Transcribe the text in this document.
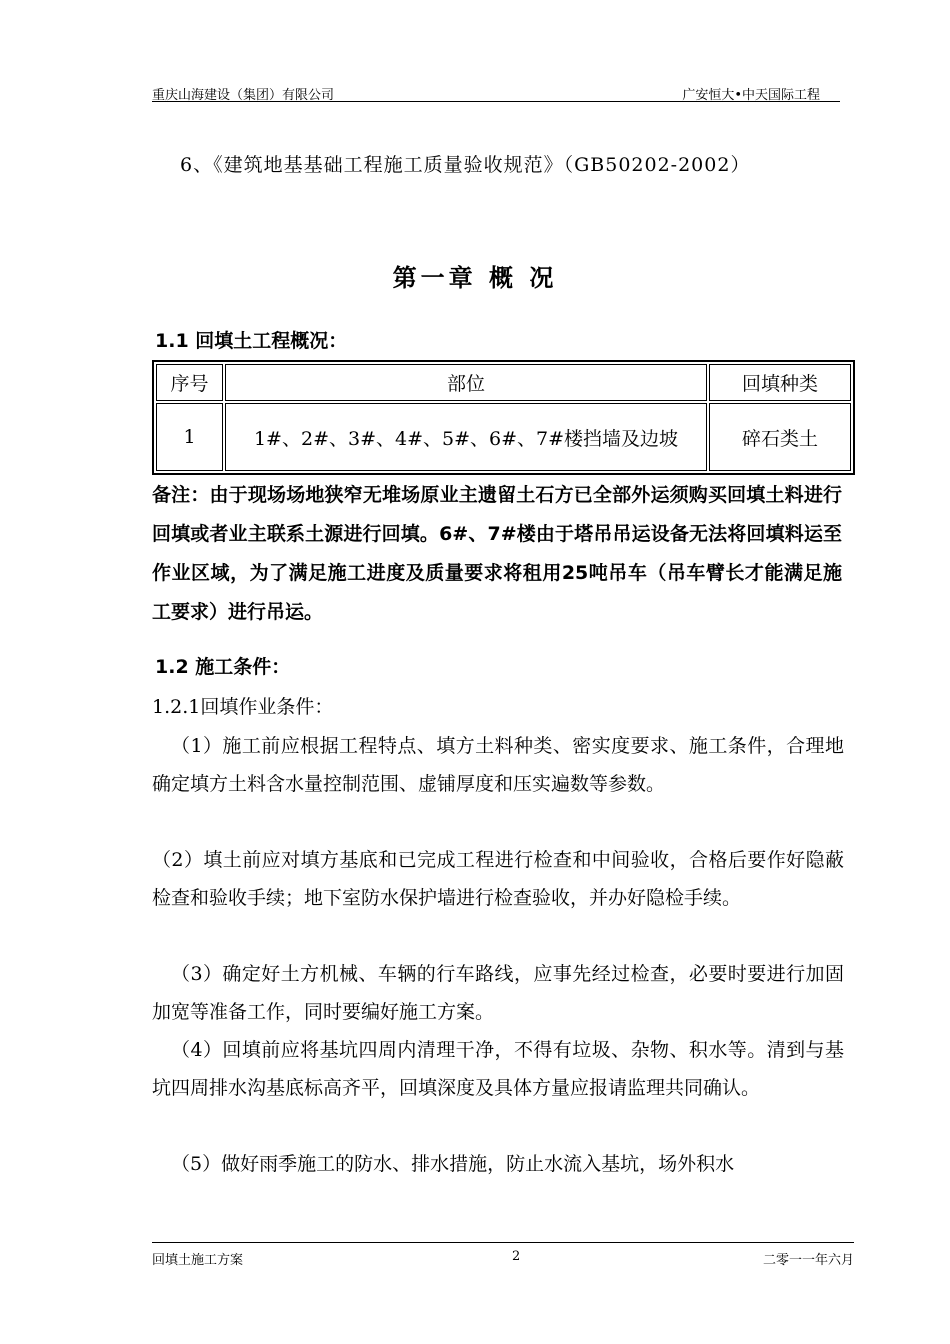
重庆山海建设（集团）有限公司	广安恒大•中天国际工程
6、《建筑地基基础工程施工质量验收规范》（GB50202-2002）
第一章 概 况
1.1 回填土工程概况：
序号	部位	回填种类
1	1#、2#、3#、4#、5#、6#、7#楼挡墙及边坡	碎石类土
备注：由于现场场地狭窄无堆场原业主遗留土石方已全部外运须购买回填土料进行回填或者业主联系土源进行回填。6#、7#楼由于塔吊吊运设备无法将回填料运至作业区域，为了满足施工进度及质量要求将租用25吨吊车（吊车臂长才能满足施工要求）进行吊运。
1.2 施工条件：
1.2.1回填作业条件：
（1）施工前应根据工程特点、填方土料种类、密实度要求、施工条件，合理地确定填方土料含水量控制范围、虚铺厚度和压实遍数等参数。
（2）填土前应对填方基底和已完成工程进行检查和中间验收，合格后要作好隐蔽检查和验收手续；地下室防水保护墙进行检查验收，并办好隐检手续。
（3）确定好土方机械、车辆的行车路线，应事先经过检查，必要时要进行加固加宽等准备工作，同时要编好施工方案。
（4）回填前应将基坑四周内清理干净，不得有垃圾、杂物、积水等。清到与基坑四周排水沟基底标高齐平，回填深度及具体方量应报请监理共同确认。
（5）做好雨季施工的防水、排水措施，防止水流入基坑，场外积水
回填土施工方案	2	二零一一年六月
